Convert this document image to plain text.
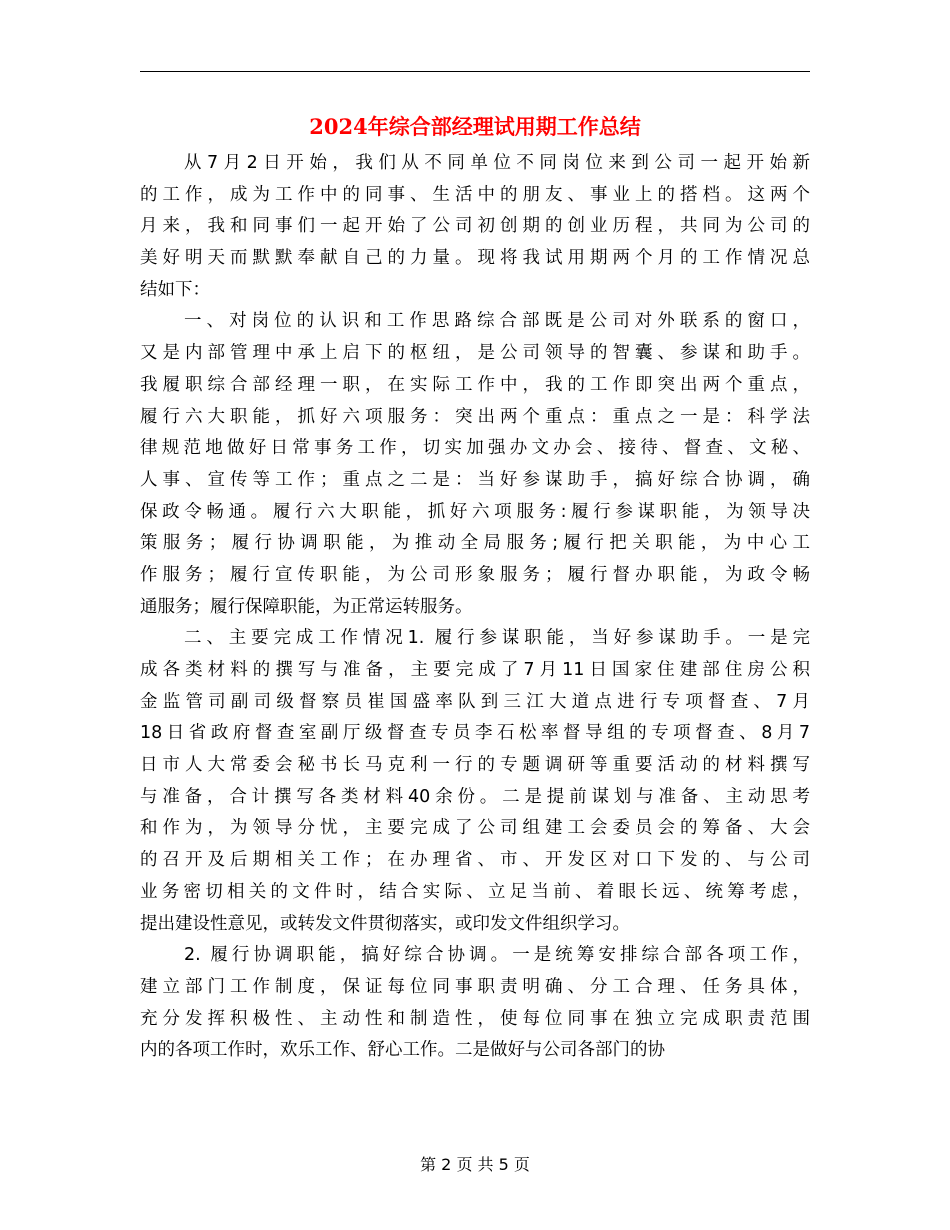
2024年综合部经理试用期工作总结
从7月2日开始，我们从不同单位不同岗位来到公司一起开始新
的工作，成为工作中的同事、生活中的朋友、事业上的搭档。这两个
月来，我和同事们一起开始了公司初创期的创业历程，共同为公司的
美好明天而默默奉献自己的力量。现将我试用期两个月的工作情况总
结如下：
一、对岗位的认识和工作思路综合部既是公司对外联系的窗口，
又是内部管理中承上启下的枢纽，是公司领导的智囊、参谋和助手。
我履职综合部经理一职，在实际工作中，我的工作即突出两个重点，
履行六大职能，抓好六项服务：突出两个重点：重点之一是：科学法
律规范地做好日常事务工作，切实加强办文办会、接待、督查、文秘、
人事、宣传等工作；重点之二是：当好参谋助手，搞好综合协调，确
保政令畅通。履行六大职能，抓好六项服务:履行参谋职能，为领导决
策服务；履行协调职能，为推动全局服务;履行把关职能，为中心工
作服务；履行宣传职能，为公司形象服务；履行督办职能，为政令畅
通服务；履行保障职能，为正常运转服务。
二、主要完成工作情况1. 履行参谋职能，当好参谋助手。一是完
成各类材料的撰写与准备，主要完成了7月11日国家住建部住房公积
金监管司副司级督察员崔国盛率队到三江大道点进行专项督查、7月
18日省政府督查室副厅级督查专员李石松率督导组的专项督查、8月7
日市人大常委会秘书长马克利一行的专题调研等重要活动的材料撰写
与准备，合计撰写各类材料40余份。二是提前谋划与准备、主动思考
和作为，为领导分忧，主要完成了公司组建工会委员会的筹备、大会
的召开及后期相关工作；在办理省、市、开发区对口下发的、与公司
业务密切相关的文件时，结合实际、立足当前、着眼长远、统筹考虑，
提出建设性意见，或转发文件贯彻落实，或印发文件组织学习。
2. 履行协调职能，搞好综合协调。一是统筹安排综合部各项工作，
建立部门工作制度，保证每位同事职责明确、分工合理、任务具体，
充分发挥积极性、主动性和制造性，使每位同事在独立完成职责范围
内的各项工作时，欢乐工作、舒心工作。二是做好与公司各部门的协
第 2 页 共 5 页
